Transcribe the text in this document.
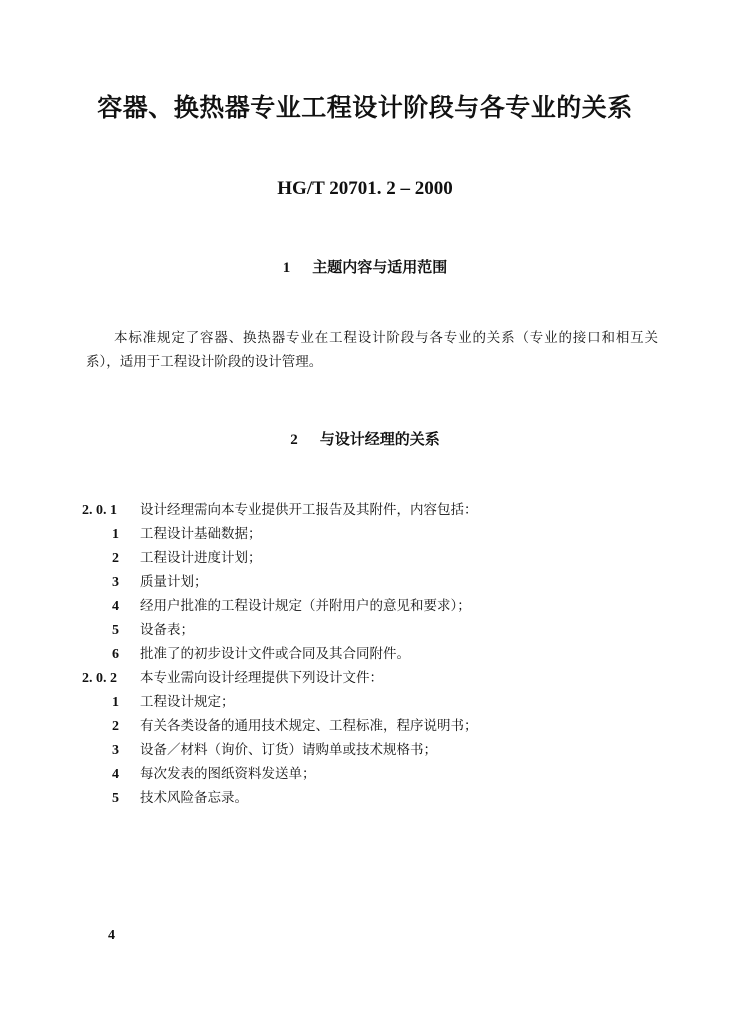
容器、换热器专业工程设计阶段与各专业的关系
HG/T 20701. 2 – 2000
1 主题内容与适用范围
本标准规定了容器、换热器专业在工程设计阶段与各专业的关系（专业的接口和相互关系），适用于工程设计阶段的设计管理。
2 与设计经理的关系
2. 0. 1 设计经理需向本专业提供开工报告及其附件，内容包括：
1 工程设计基础数据；
2 工程设计进度计划；
3 质量计划；
4 经用户批准的工程设计规定（并附用户的意见和要求）；
5 设备表；
6 批准了的初步设计文件或合同及其合同附件。
2. 0. 2 本专业需向设计经理提供下列设计文件：
1 工程设计规定；
2 有关各类设备的通用技术规定、工程标准，程序说明书；
3 设备／材料（询价、订货）请购单或技术规格书；
4 每次发表的图纸资料发送单；
5 技术风险备忘录。
4
